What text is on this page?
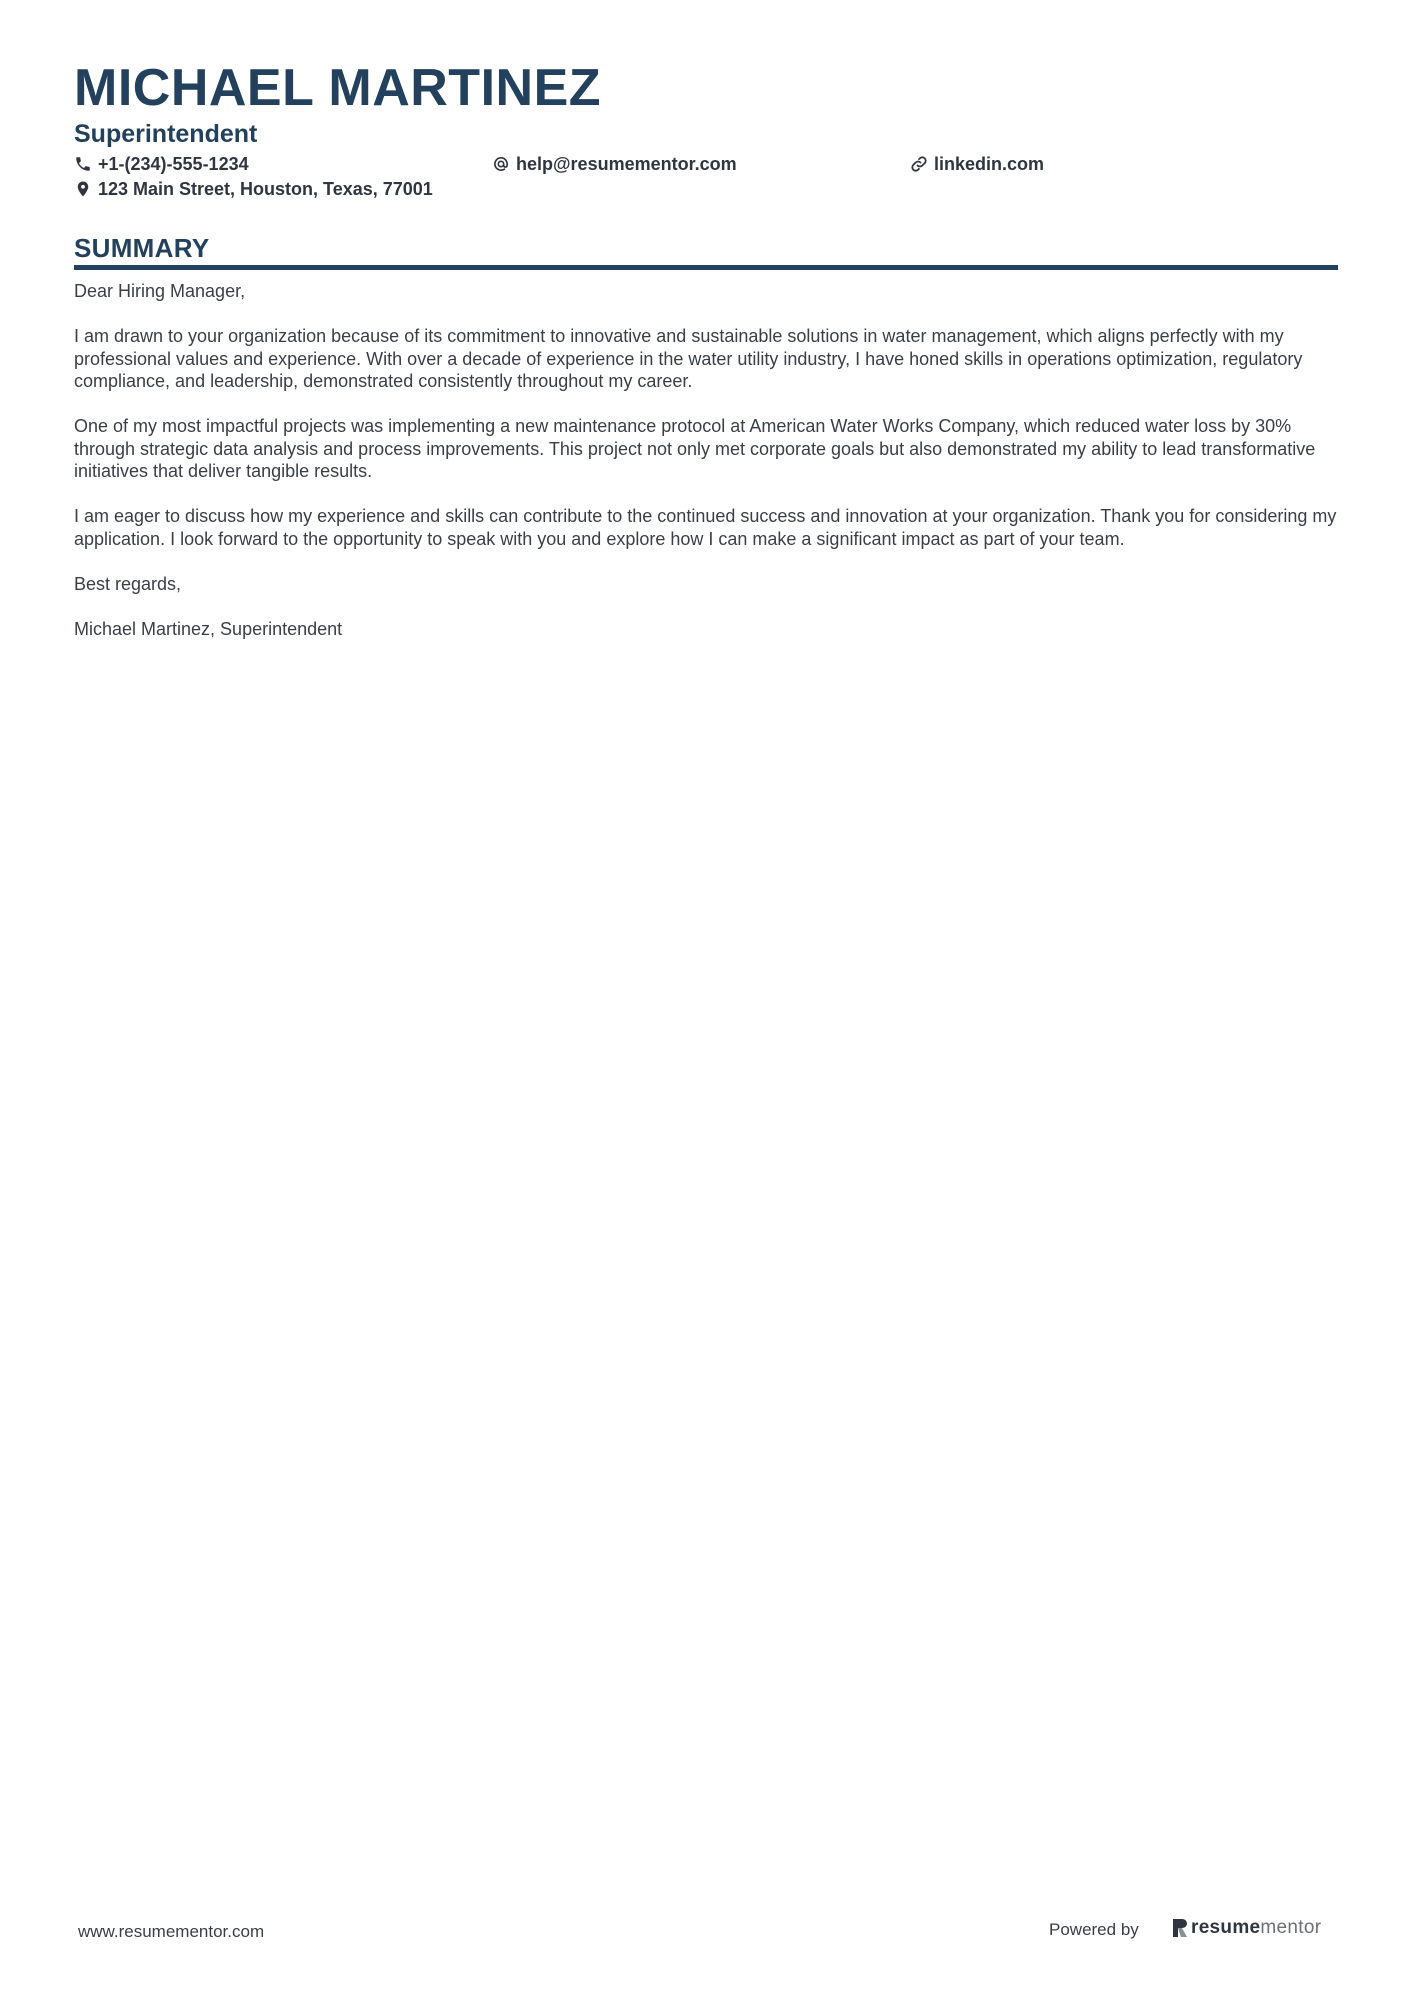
MICHAEL MARTINEZ
Superintendent
+1-(234)-555-1234	help@resumementor.com	linkedin.com
123 Main Street, Houston, Texas, 77001
SUMMARY

Dear Hiring Manager,

I am drawn to your organization because of its commitment to innovative and sustainable solutions in water management, which aligns perfectly with my professional values and experience. With over a decade of experience in the water utility industry, I have honed skills in operations optimization, regulatory compliance, and leadership, demonstrated consistently throughout my career.

One of my most impactful projects was implementing a new maintenance protocol at American Water Works Company, which reduced water loss by 30% through strategic data analysis and process improvements. This project not only met corporate goals but also demonstrated my ability to lead transformative initiatives that deliver tangible results.

I am eager to discuss how my experience and skills can contribute to the continued success and innovation at your organization. Thank you for considering my application. I look forward to the opportunity to speak with you and explore how I can make a significant impact as part of your team.

Best regards,

Michael Martinez, Superintendent

www.resumementor.com	Powered by	resumementor
